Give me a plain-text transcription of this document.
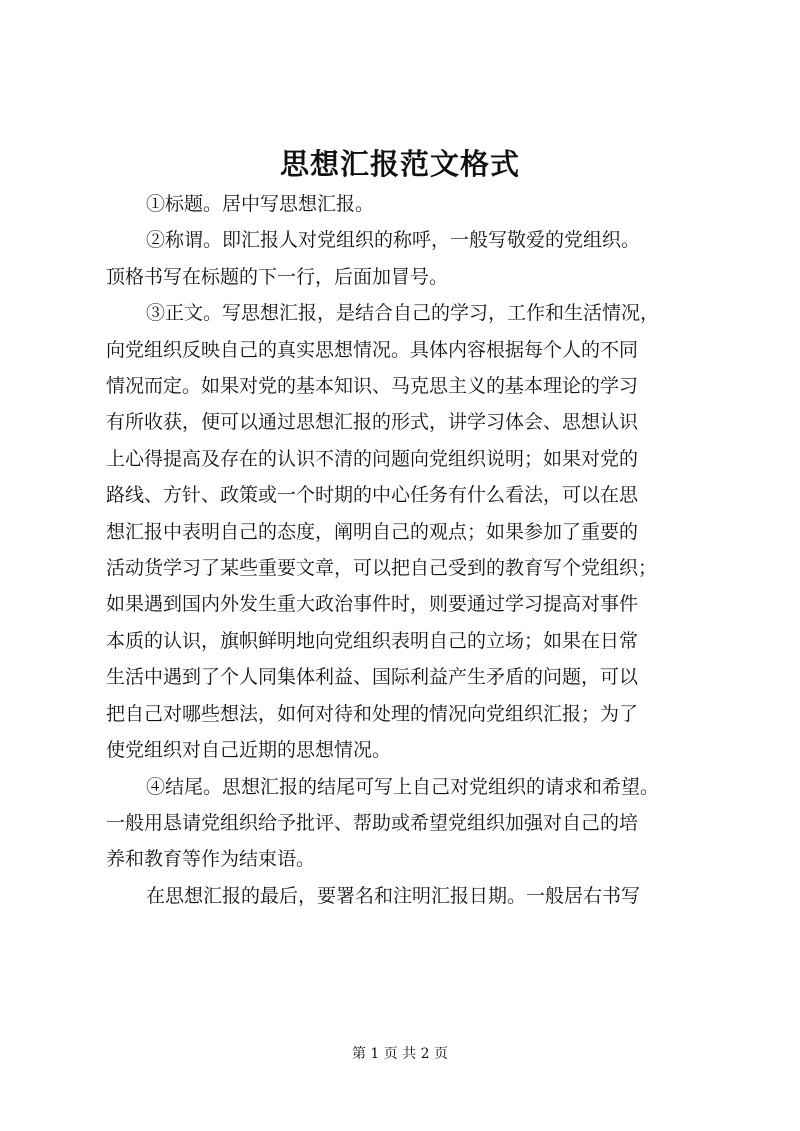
思想汇报范文格式

①标题。居中写思想汇报。

②称谓。即汇报人对党组织的称呼，一般写敬爱的党组织。
顶格书写在标题的下一行，后面加冒号。

③正文。写思想汇报，是结合自己的学习，工作和生活情况，
向党组织反映自己的真实思想情况。具体内容根据每个人的不同
情况而定。如果对党的基本知识、马克思主义的基本理论的学习
有所收获，便可以通过思想汇报的形式，讲学习体会、思想认识
上心得提高及存在的认识不清的问题向党组织说明；如果对党的
路线、方针、政策或一个时期的中心任务有什么看法，可以在思
想汇报中表明自己的态度，阐明自己的观点；如果参加了重要的
活动货学习了某些重要文章，可以把自己受到的教育写个党组织；
如果遇到国内外发生重大政治事件时，则要通过学习提高对事件
本质的认识，旗帜鲜明地向党组织表明自己的立场；如果在日常
生活中遇到了个人同集体利益、国际利益产生矛盾的问题，可以
把自己对哪些想法，如何对待和处理的情况向党组织汇报；为了
使党组织对自己近期的思想情况。

④结尾。思想汇报的结尾可写上自己对党组织的请求和希望。
一般用恳请党组织给予批评、帮助或希望党组织加强对自己的培
养和教育等作为结束语。

在思想汇报的最后，要署名和注明汇报日期。一般居右书写

第 1 页 共 2 页
